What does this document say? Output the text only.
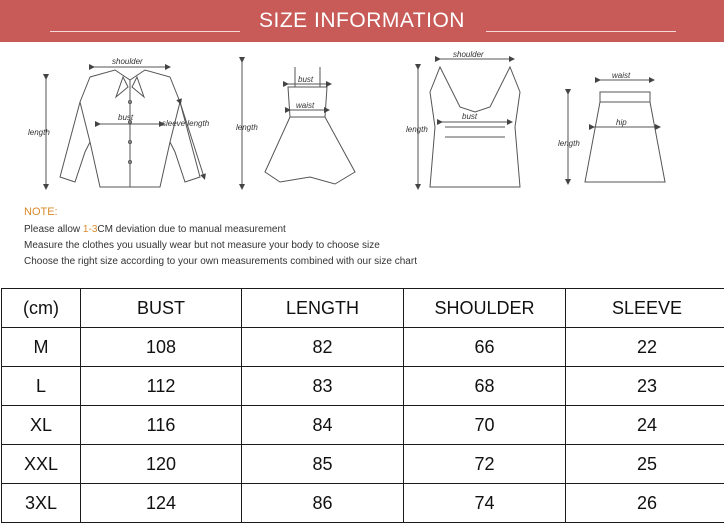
SIZE INFORMATION
shoulder
bust
length
sleeve length
bust
waist
length
shoulder
bust
length
waist
hip
length
NOTE:
Please allow 1-3CM deviation due to manual measurement
Measure the clothes you usually wear but not measure your body to choose size
Choose the right size according to your own measurements combined with our size chart
(cm)	BUST	LENGTH	SHOULDER	SLEEVE
M	108	82	66	22
L	112	83	68	23
XL	116	84	70	24
XXL	120	85	72	25
3XL	124	86	74	26
